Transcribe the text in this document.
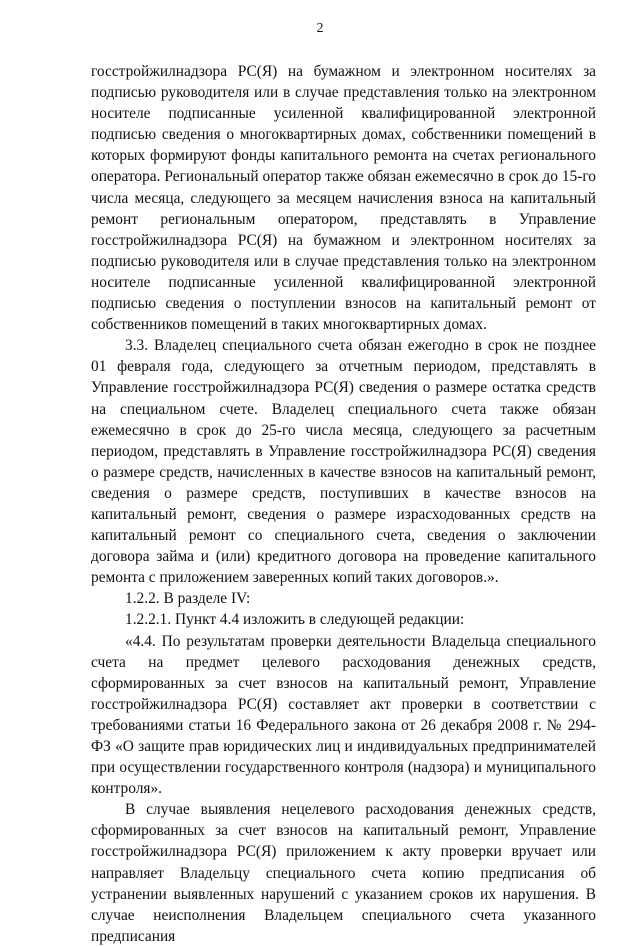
2

госстройжилнадзора РС(Я) на бумажном и электронном носителях за подписью руководителя или в случае представления только на электронном носителе подписанные усиленной квалифицированной электронной подписью сведения о многоквартирных домах, собственники помещений в которых формируют фонды капитального ремонта на счетах регионального оператора. Региональный оператор также обязан ежемесячно в срок до 15-го числа месяца, следующего за месяцем начисления взноса на капитальный ремонт региональным оператором, представлять в Управление госстройжилнадзора РС(Я) на бумажном и электронном носителях за подписью руководителя или в случае представления только на электронном носителе подписанные усиленной квалифицированной электронной подписью сведения о поступлении взносов на капитальный ремонт от собственников помещений в таких многоквартирных домах.

3.3. Владелец специального счета обязан ежегодно в срок не позднее 01 февраля года, следующего за отчетным периодом, представлять в Управление госстройжилнадзора РС(Я) сведения о размере остатка средств на специальном счете. Владелец специального счета также обязан ежемесячно в срок до 25-го числа месяца, следующего за расчетным периодом, представлять в Управление госстройжилнадзора РС(Я) сведения о размере средств, начисленных в качестве взносов на капитальный ремонт, сведения о размере средств, поступивших в качестве взносов на капитальный ремонт, сведения о размере израсходованных средств на капитальный ремонт со специального счета, сведения о заключении договора займа и (или) кредитного договора на проведение капитального ремонта с приложением заверенных копий таких договоров.».

1.2.2. В разделе IV:

1.2.2.1. Пункт 4.4 изложить в следующей редакции:

«4.4. По результатам проверки деятельности Владельца специального счета на предмет целевого расходования денежных средств, сформированных за счет взносов на капитальный ремонт, Управление госстройжилнадзора РС(Я) составляет акт проверки в соответствии с требованиями статьи 16 Федерального закона от 26 декабря 2008 г. № 294-ФЗ «О защите прав юридических лиц и индивидуальных предпринимателей при осуществлении государственного контроля (надзора) и муниципального контроля».

В случае выявления нецелевого расходования денежных средств, сформированных за счет взносов на капитальный ремонт, Управление госстройжилнадзора РС(Я) приложением к акту проверки вручает или направляет Владельцу специального счета копию предписания об устранении выявленных нарушений с указанием сроков их нарушения. В случае неисполнения Владельцем специального счета указанного предписания
